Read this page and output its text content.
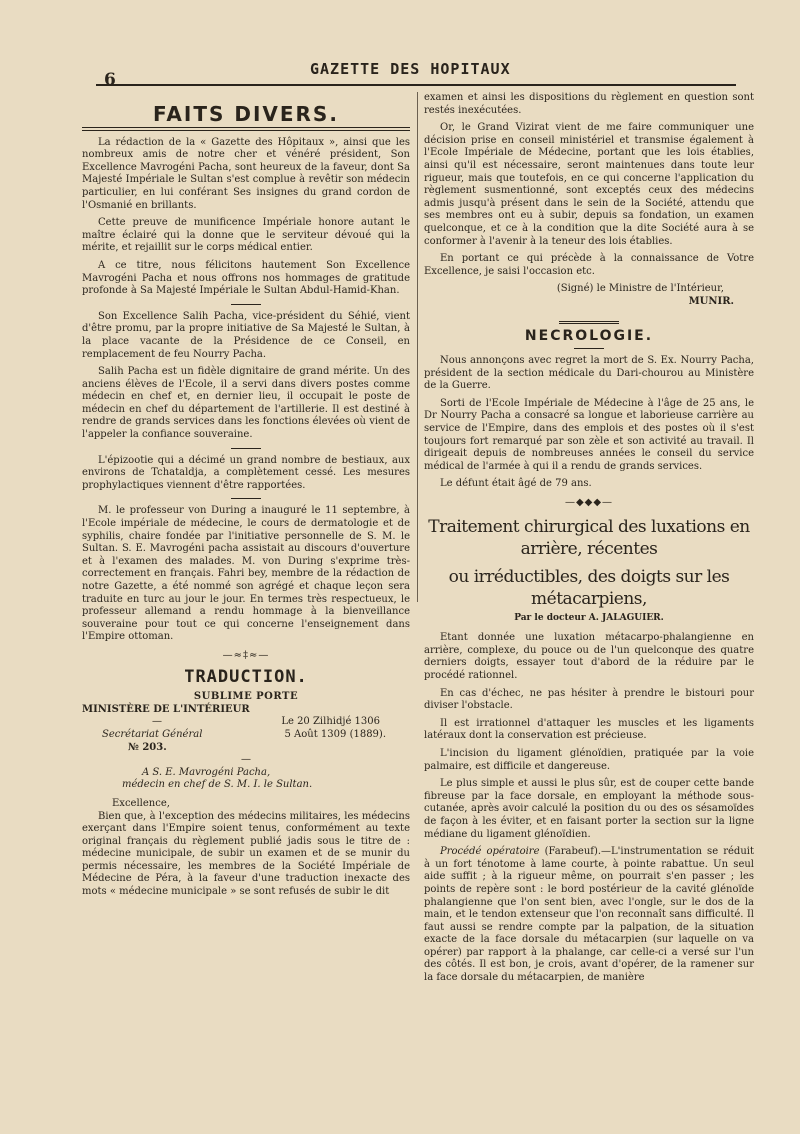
6
GAZETTE DES HOPITAUX
FAITS DIVERS.

La rédaction de la « Gazette des Hôpitaux », ainsi que les nombreux amis de notre cher et vénéré président, Son Excellence Mavrogéni Pacha, sont heureux de la faveur, dont Sa Majesté Impériale le Sultan s'est complue à revêtir son médecin particulier, en lui conférant Ses insignes du grand cordon de l'Osmanié en brillants.

Cette preuve de munificence Impériale honore autant le maître éclairé qui la donne que le serviteur dévoué qui la mérite, et rejaillit sur le corps médical entier.

A ce titre, nous félicitons hautement Son Excellence Mavrogéni Pacha et nous offrons nos hommages de gratitude profonde à Sa Majesté Impériale le Sultan Abdul-Hamid-Khan.

Son Excellence Salih Pacha, vice-président du Séhié, vient d'être promu, par la propre initiative de Sa Majesté le Sultan, à la place vacante de la Présidence de ce Conseil, en remplacement de feu Nourry Pacha.

Salih Pacha est un fidèle dignitaire de grand mérite. Un des anciens élèves de l'Ecole, il a servi dans divers postes comme médecin en chef et, en dernier lieu, il occupait le poste de médecin en chef du département de l'artillerie. Il est destiné à rendre de grands services dans les fonctions élevées où vient de l'appeler la confiance souveraine.

L'épizootie qui a décimé un grand nombre de bestiaux, aux environs de Tchataldja, a complètement cessé. Les mesures prophylactiques viennent d'être rapportées.

M. le professeur von During a inauguré le 11 septembre, à l'Ecole impériale de médecine, le cours de dermatologie et de syphilis, chaire fondée par l'initiative personnelle de S. M. le Sultan. S. E. Mavrogéni pacha assistait au discours d'ouverture et à l'examen des malades. M. von During s'exprime très-correctement en français. Fahri bey, membre de la rédaction de notre Gazette, a été nommé son agrégé et chaque leçon sera traduite en turc au jour le jour. En termes très respectueux, le professeur allemand a rendu hommage à la bienveillance souveraine pour tout ce qui concerne l'enseignement dans l'Empire ottoman.

—≈‡≈—
TRADUCTION.
SUBLIME PORTE
MINISTÈRE DE L'INTÉRIEUR
—	Le 20 Zilhidjé 1306
Secrétariat Général	5 Août 1309 (1889).
№ 203.
—
A S. E. Mavrogéni Pacha,
médecin en chef de S. M. I. le Sultan.
Excellence,

Bien que, à l'exception des médecins militaires, les médecins exerçant dans l'Empire soient tenus, conformément au texte original français du règlement publié jadis sous le titre de : médecine municipale, de subir un examen et de se munir du permis nécessaire, les membres de la Société Impériale de Médecine de Péra, à la faveur d'une traduction inexacte des mots « médecine municipale » se sont refusés de subir le dit

examen et ainsi les dispositions du règlement en question sont restés inexécutées.

Or, le Grand Vizirat vient de me faire communiquer une décision prise en conseil ministériel et transmise également à l'Ecole Impériale de Médecine, portant que les lois établies, ainsi qu'il est nécessaire, seront maintenues dans toute leur rigueur, mais que toutefois, en ce qui concerne l'application du règlement susmentionné, sont exceptés ceux des médecins admis jusqu'à présent dans le sein de la Société, attendu que ses membres ont eu à subir, depuis sa fondation, un examen quelconque, et ce à la condition que la dite Société aura à se conformer à l'avenir à la teneur des lois établies.

En portant ce qui précède à la connaissance de Votre Excellence, je saisi l'occasion etc.

(Signé) le Ministre de l'Intérieur,
MUNIR.
NECROLOGIE.

Nous annonçons avec regret la mort de S. Ex. Nourry Pacha, président de la section médicale du Dari-chourou au Ministère de la Guerre.

Sorti de l'Ecole Impériale de Médecine à l'âge de 25 ans, le Dr Nourry Pacha a consacré sa longue et laborieuse carrière au service de l'Empire, dans des emplois et des postes où il s'est toujours fort remarqué par son zèle et son activité au travail. Il dirigeait depuis de nombreuses années le conseil du service médical de l'armée à qui il a rendu de grands services.

Le défunt était âgé de 79 ans.

—◆◆◆—
Traitement chirurgical des luxations en arrière, récentes
ou irréductibles, des doigts sur les métacarpiens,
Par le docteur A. JALAGUIER.

Etant donnée une luxation métacarpo-phalangienne en arrière, complexe, du pouce ou de l'un quelconque des quatre derniers doigts, essayer tout d'abord de la réduire par le procédé rationnel.

En cas d'échec, ne pas hésiter à prendre le bistouri pour diviser l'obstacle.

Il est irrationnel d'attaquer les muscles et les ligaments latéraux dont la conservation est précieuse.

L'incision du ligament glénoïdien, pratiquée par la voie palmaire, est difficile et dangereuse.

Le plus simple et aussi le plus sûr, est de couper cette bande fibreuse par la face dorsale, en employant la méthode sous-cutanée, après avoir calculé la position du ou des os sésamoïdes de façon à les éviter, et en faisant porter la section sur la ligne médiane du ligament glénoïdien.

Procédé opératoire (Farabeuf).—L'instrumentation se réduit à un fort ténotome à lame courte, à pointe rabattue. Un seul aide suffit ; à la rigueur même, on pourrait s'en passer ; les points de repère sont : le bord postérieur de la cavité glénoïde phalangienne que l'on sent bien, avec l'ongle, sur le dos de la main, et le tendon extenseur que l'on reconnaît sans difficulté. Il faut aussi se rendre compte par la palpation, de la situation exacte de la face dorsale du métacarpien (sur laquelle on va opérer) par rapport à la phalange, car celle-ci a versé sur l'un des côtés. Il est bon, je crois, avant d'opérer, de la ramener sur la face dorsale du métacarpien, de manière
